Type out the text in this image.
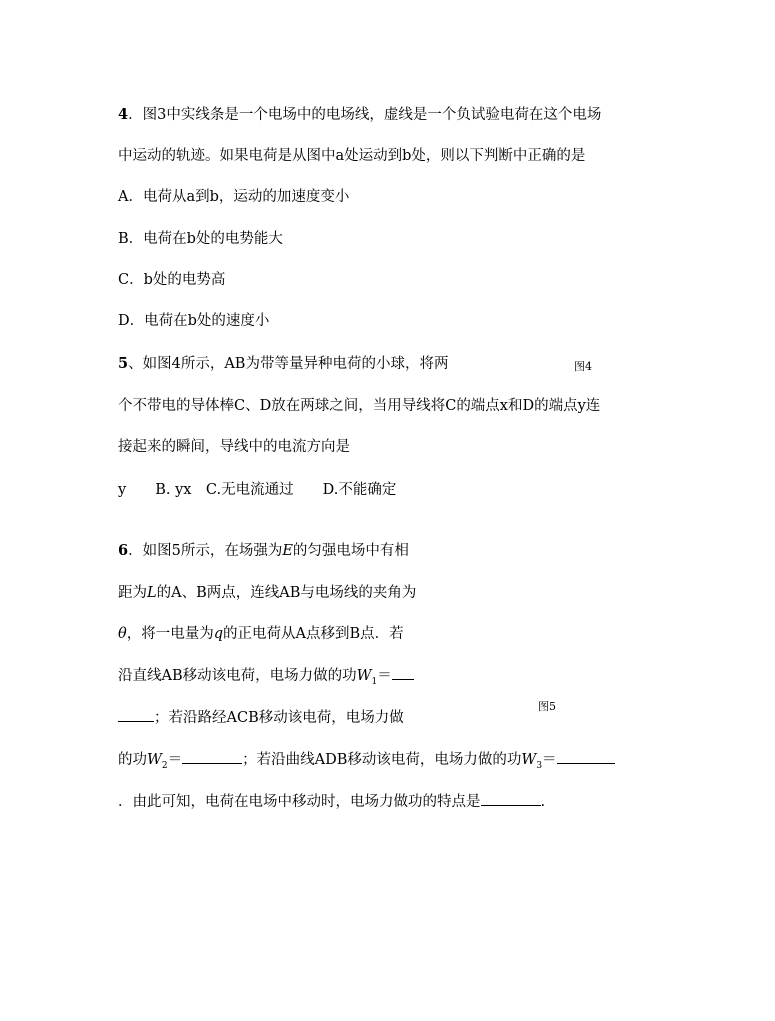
4．图3中实线条是一个电场中的电场线，虚线是一个负试验电荷在这个电场
中运动的轨迹。如果电荷是从图中a处运动到b处，则以下判断中正确的是
A．电荷从a到b，运动的加速度变小
B．电荷在b处的电势能大
C．b处的电势高
D．电荷在b处的速度小
5、如图4所示，AB为带等量异种电荷的小球，将两	图4
个不带电的导体棒C、D放在两球之间，当用导线将C的端点x和D的端点y连
接起来的瞬间，导线中的电流方向是
y　　B. yx　C.无电流通过　　D.不能确定
6．如图5所示，在场强为E的匀强电场中有相
距为L的A、B两点，连线AB与电场线的夹角为
θ，将一电量为q的正电荷从A点移到B点．若
沿直线AB移动该电荷，电场力做的功$W_1=$
；若沿路经ACB移动该电荷，电场力做
图5
的功$W_2=$	；若沿曲线ADB移动该电荷，电场力做的功$W_3=$
．由此可知，电荷在电场中移动时，电场力做功的特点是	.
